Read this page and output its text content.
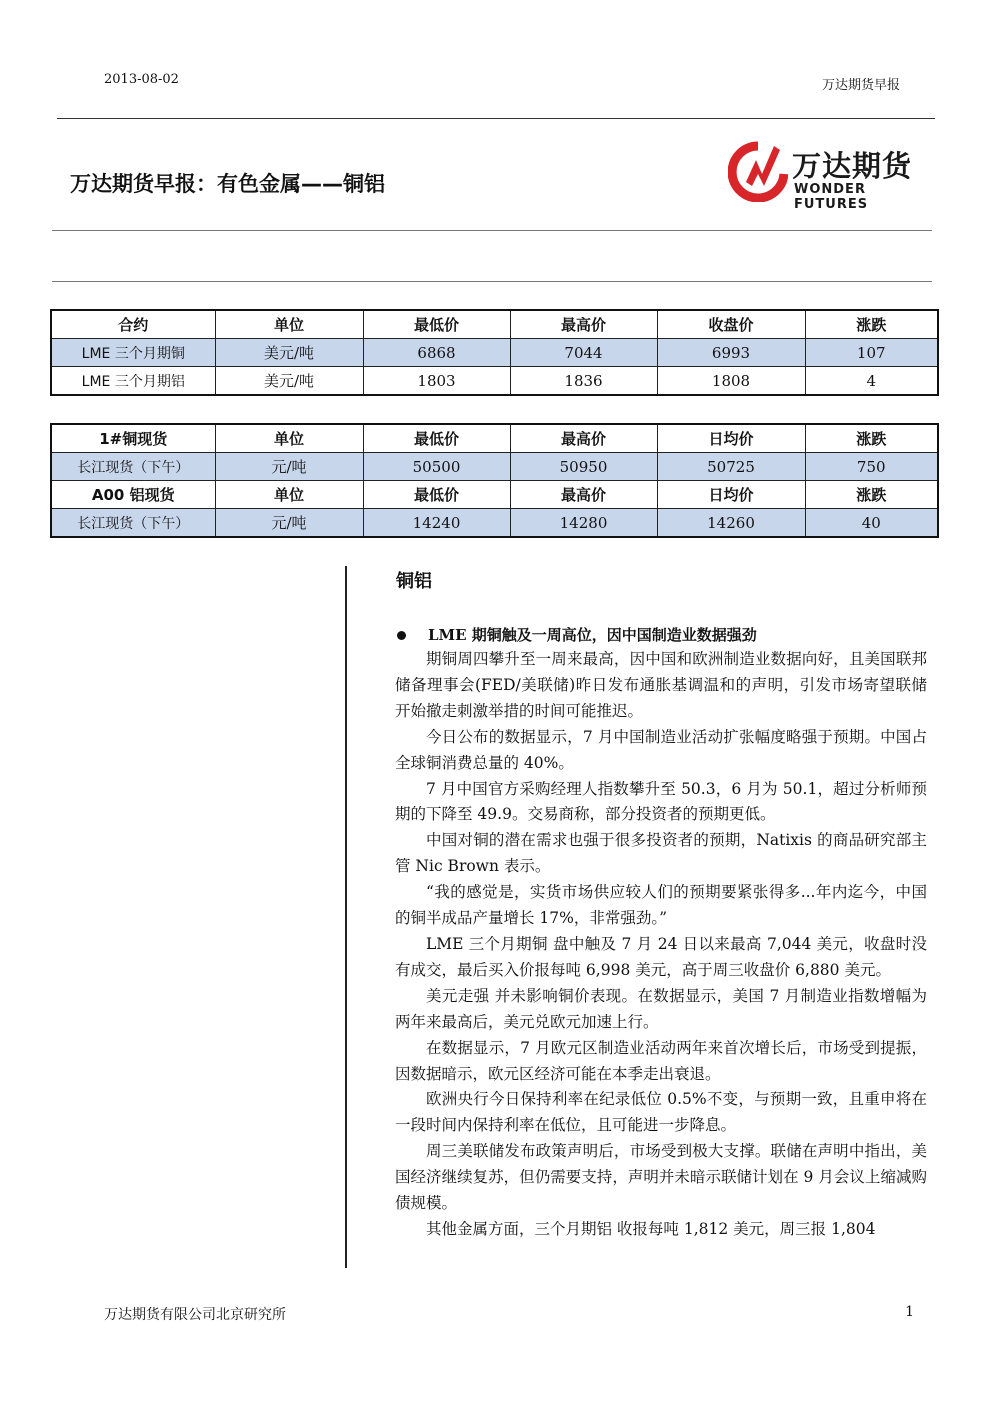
2013-08-02	万达期货早报
万达期货早报：有色金属——铜铝
万达期货
WONDER FUTURES
合约	单位	最低价	最高价	收盘价	涨跌
LME 三个月期铜	美元/吨	6868	7044	6993	107
LME 三个月期铝	美元/吨	1803	1836	1808	4
1#铜现货	单位	最低价	最高价	日均价	涨跌
长江现货（下午）	元/吨	50500	50950	50725	750
A00 铝现货	单位	最低价	最高价	日均价	涨跌
长江现货（下午）	元/吨	14240	14280	14260	40
铜铝
LME 期铜触及一周高位，因中国制造业数据强劲

期铜周四攀升至一周来最高，因中国和欧洲制造业数据向好，且美国联邦储备理事会(FED/美联储)昨日发布通胀基调温和的声明，引发市场寄望联储开始撤走刺激举措的时间可能推迟。

今日公布的数据显示，7 月中国制造业活动扩张幅度略强于预期。中国占全球铜消费总量的 40%。

7 月中国官方采购经理人指数攀升至 50.3，6 月为 50.1，超过分析师预期的下降至 49.9。交易商称，部分投资者的预期更低。

中国对铜的潜在需求也强于很多投资者的预期，Natixis 的商品研究部主管 Nic Brown 表示。

“我的感觉是，实货市场供应较人们的预期要紧张得多...年内迄今，中国的铜半成品产量增长 17%，非常强劲。”

LME 三个月期铜 盘中触及 7 月 24 日以来最高 7,044 美元，收盘时没有成交，最后买入价报每吨 6,998 美元，高于周三收盘价 6,880 美元。

美元走强 并未影响铜价表现。在数据显示，美国 7 月制造业指数增幅为两年来最高后，美元兑欧元加速上行。

在数据显示，7 月欧元区制造业活动两年来首次增长后，市场受到提振，因数据暗示，欧元区经济可能在本季走出衰退。

欧洲央行今日保持利率在纪录低位 0.5%不变，与预期一致，且重申将在一段时间内保持利率在低位，且可能进一步降息。

周三美联储发布政策声明后，市场受到极大支撑。联储在声明中指出，美国经济继续复苏，但仍需要支持，声明并未暗示联储计划在 9 月会议上缩减购债规模。

其他金属方面，三个月期铝 收报每吨 1,812 美元，周三报 1,804

万达期货有限公司北京研究所	1
